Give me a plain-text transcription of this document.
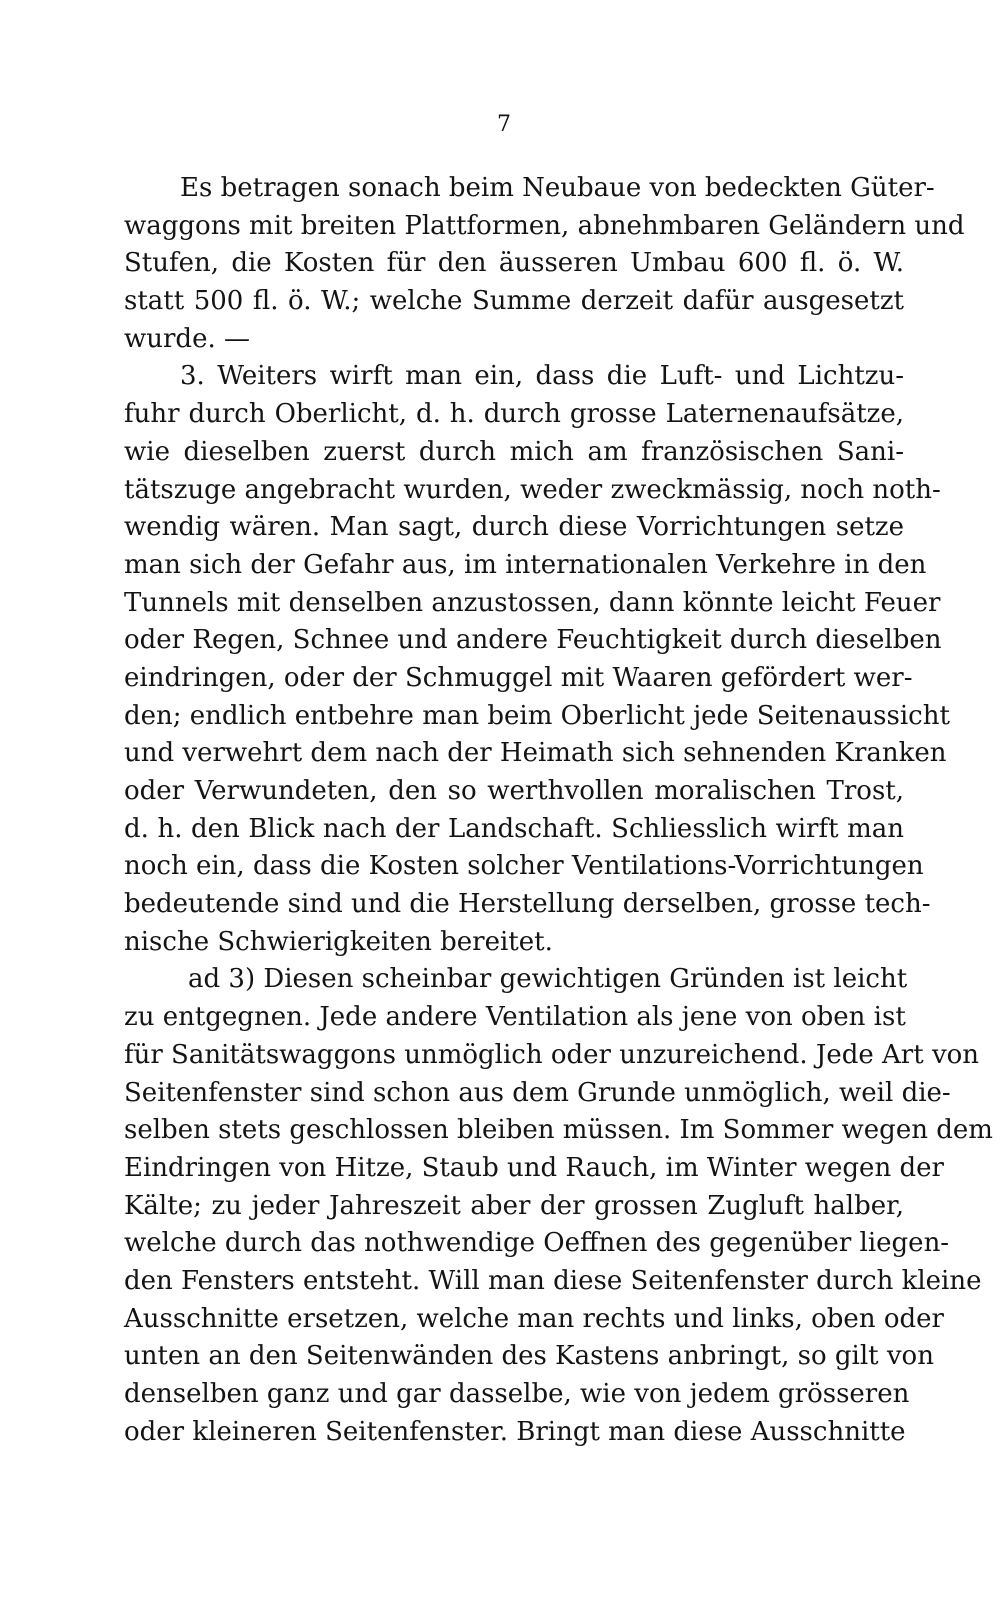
7
Es betragen sonach beim Neubaue von bedeckten Güter-
waggons mit breiten Plattformen, abnehmbaren Geländern und
Stufen, die Kosten für den äusseren Umbau 600 fl. ö. W.
statt 500 fl. ö. W.; welche Summe derzeit dafür ausgesetzt
wurde. —
3. Weiters wirft man ein, dass die Luft- und Lichtzu-
fuhr durch Oberlicht, d. h. durch grosse Laternenaufsätze,
wie dieselben zuerst durch mich am französischen Sani-
tätszuge angebracht wurden, weder zweckmässig, noch noth-
wendig wären. Man sagt, durch diese Vorrichtungen setze
man sich der Gefahr aus, im internationalen Verkehre in den
Tunnels mit denselben anzustossen, dann könnte leicht Feuer
oder Regen, Schnee und andere Feuchtigkeit durch dieselben
eindringen, oder der Schmuggel mit Waaren gefördert wer-
den; endlich entbehre man beim Oberlicht jede Seitenaussicht
und verwehrt dem nach der Heimath sich sehnenden Kranken
oder Verwundeten, den so werthvollen moralischen Trost,
d. h. den Blick nach der Landschaft. Schliesslich wirft man
noch ein, dass die Kosten solcher Ventilations-Vorrichtungen
bedeutende sind und die Herstellung derselben, grosse tech-
nische Schwierigkeiten bereitet.
ad 3) Diesen scheinbar gewichtigen Gründen ist leicht
zu entgegnen. Jede andere Ventilation als jene von oben ist
für Sanitätswaggons unmöglich oder unzureichend. Jede Art von
Seitenfenster sind schon aus dem Grunde unmöglich, weil die-
selben stets geschlossen bleiben müssen. Im Sommer wegen dem
Eindringen von Hitze, Staub und Rauch, im Winter wegen der
Kälte; zu jeder Jahreszeit aber der grossen Zugluft halber,
welche durch das nothwendige Oeffnen des gegenüber liegen-
den Fensters entsteht. Will man diese Seitenfenster durch kleine
Ausschnitte ersetzen, welche man rechts und links, oben oder
unten an den Seitenwänden des Kastens anbringt, so gilt von
denselben ganz und gar dasselbe, wie von jedem grösseren
oder kleineren Seitenfenster. Bringt man diese Ausschnitte
